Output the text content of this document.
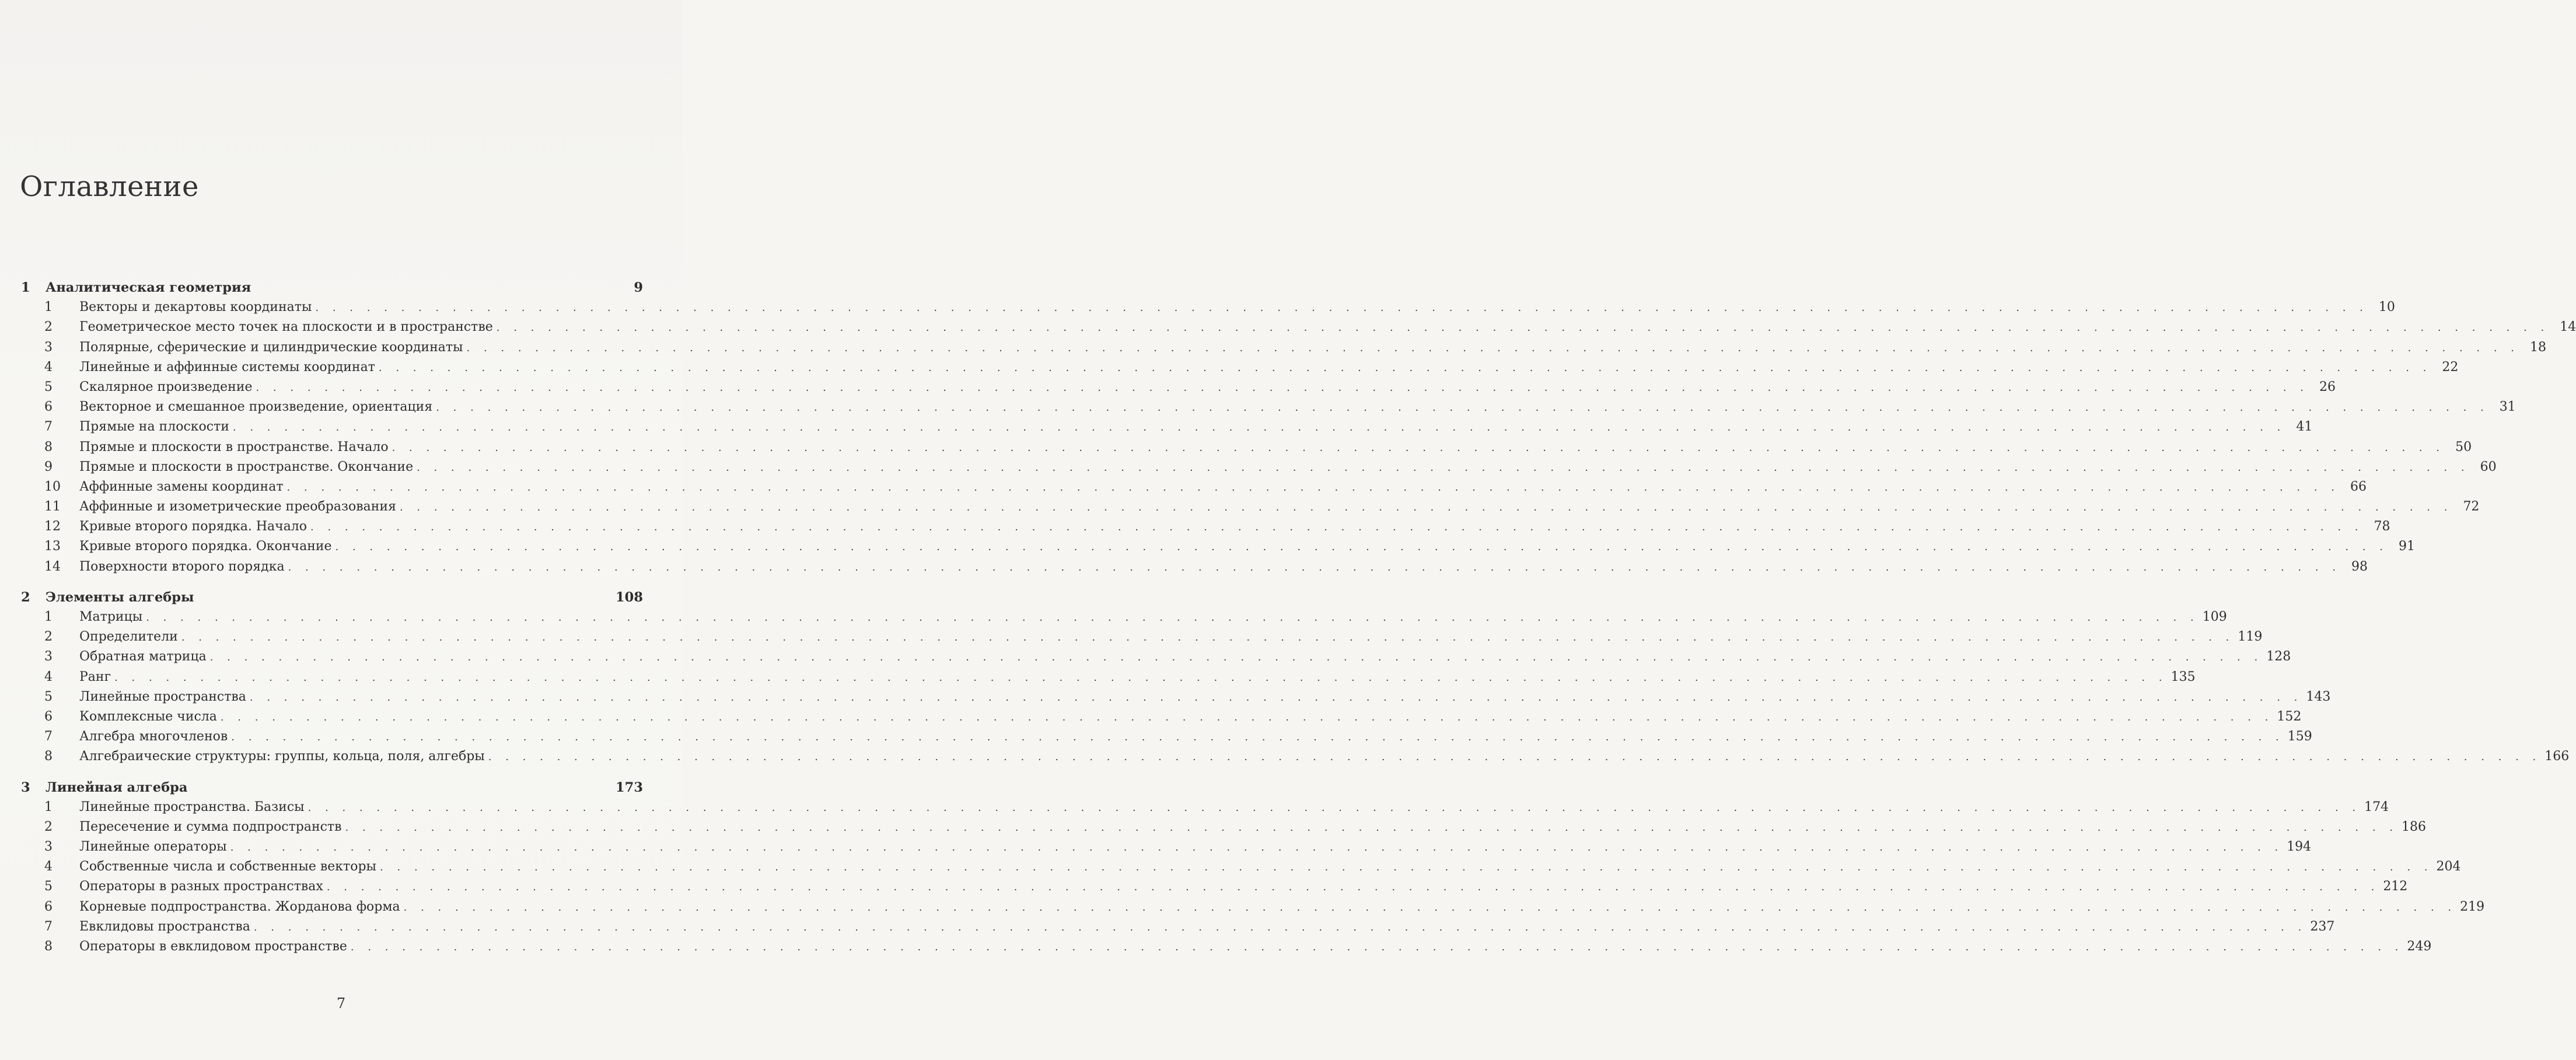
Оглавление
1	Аналитическая геометрия	9
1	Векторы и декартовы координаты . . . . . . . . . . . . . . . . . . . . . . . . . . . . . . . . . . . . . . . . . . . . . . . . . . . . . . . . . . . . . . . . . . . . . . . . . . . . . . . . . . . . . . . . . . . . . . . . . . . . . . . . . . . . . . . . . . . . . . . . 10
2	Геометрическое место точек на плоскости и в пространстве . . . . . . . . . . . . . . . . . . . . . . . . . . . . . . . . . . . . . . . . . . . . . . . . . . . . . . . . . . . . . . . . . . . . . . . . . . . . . . . . . . . . . . . . . . . . . . . . . . . . . . . . . . . . . . . . . . . . . . . . 14
3	Полярные, сферические и цилиндрические координаты . . . . . . . . . . . . . . . . . . . . . . . . . . . . . . . . . . . . . . . . . . . . . . . . . . . . . . . . . . . . . . . . . . . . . . . . . . . . . . . . . . . . . . . . . . . . . . . . . . . . . . . . . . . . . . . . . . . . . . . . 18
4	Линейные и аффинные системы координат . . . . . . . . . . . . . . . . . . . . . . . . . . . . . . . . . . . . . . . . . . . . . . . . . . . . . . . . . . . . . . . . . . . . . . . . . . . . . . . . . . . . . . . . . . . . . . . . . . . . . . . . . . . . . . . . . . . . . . . . 22
5	Скалярное произведение . . . . . . . . . . . . . . . . . . . . . . . . . . . . . . . . . . . . . . . . . . . . . . . . . . . . . . . . . . . . . . . . . . . . . . . . . . . . . . . . . . . . . . . . . . . . . . . . . . . . . . . . . . . . . . . . . . . . . . . . 26
6	Векторное и смешанное произведение, ориентация . . . . . . . . . . . . . . . . . . . . . . . . . . . . . . . . . . . . . . . . . . . . . . . . . . . . . . . . . . . . . . . . . . . . . . . . . . . . . . . . . . . . . . . . . . . . . . . . . . . . . . . . . . . . . . . . . . . . . . . . 31
7	Прямые на плоскости . . . . . . . . . . . . . . . . . . . . . . . . . . . . . . . . . . . . . . . . . . . . . . . . . . . . . . . . . . . . . . . . . . . . . . . . . . . . . . . . . . . . . . . . . . . . . . . . . . . . . . . . . . . . . . . . . . . . . . . . 41
8	Прямые и плоскости в пространстве. Начало . . . . . . . . . . . . . . . . . . . . . . . . . . . . . . . . . . . . . . . . . . . . . . . . . . . . . . . . . . . . . . . . . . . . . . . . . . . . . . . . . . . . . . . . . . . . . . . . . . . . . . . . . . . . . . . . . . . . . . . . 50
9	Прямые и плоскости в пространстве. Окончание . . . . . . . . . . . . . . . . . . . . . . . . . . . . . . . . . . . . . . . . . . . . . . . . . . . . . . . . . . . . . . . . . . . . . . . . . . . . . . . . . . . . . . . . . . . . . . . . . . . . . . . . . . . . . . . . . . . . . . . . 60
10	Аффинные замены координат . . . . . . . . . . . . . . . . . . . . . . . . . . . . . . . . . . . . . . . . . . . . . . . . . . . . . . . . . . . . . . . . . . . . . . . . . . . . . . . . . . . . . . . . . . . . . . . . . . . . . . . . . . . . . . . . . . . . . . . . 66
11	Аффинные и изометрические преобразования . . . . . . . . . . . . . . . . . . . . . . . . . . . . . . . . . . . . . . . . . . . . . . . . . . . . . . . . . . . . . . . . . . . . . . . . . . . . . . . . . . . . . . . . . . . . . . . . . . . . . . . . . . . . . . . . . . . . . . . . 72
12	Кривые второго порядка. Начало . . . . . . . . . . . . . . . . . . . . . . . . . . . . . . . . . . . . . . . . . . . . . . . . . . . . . . . . . . . . . . . . . . . . . . . . . . . . . . . . . . . . . . . . . . . . . . . . . . . . . . . . . . . . . . . . . . . . . . . . 78
13	Кривые второго порядка. Окончание . . . . . . . . . . . . . . . . . . . . . . . . . . . . . . . . . . . . . . . . . . . . . . . . . . . . . . . . . . . . . . . . . . . . . . . . . . . . . . . . . . . . . . . . . . . . . . . . . . . . . . . . . . . . . . . . . . . . . . . . 91
14	Поверхности второго порядка . . . . . . . . . . . . . . . . . . . . . . . . . . . . . . . . . . . . . . . . . . . . . . . . . . . . . . . . . . . . . . . . . . . . . . . . . . . . . . . . . . . . . . . . . . . . . . . . . . . . . . . . . . . . . . . . . . . . . . . . 98
2	Элементы алгебры	108
1	Матрицы . . . . . . . . . . . . . . . . . . . . . . . . . . . . . . . . . . . . . . . . . . . . . . . . . . . . . . . . . . . . . . . . . . . . . . . . . . . . . . . . . . . . . . . . . . . . . . . . . . . . . . . . . . . . . . . . . . . . . . . . 109
2	Определители . . . . . . . . . . . . . . . . . . . . . . . . . . . . . . . . . . . . . . . . . . . . . . . . . . . . . . . . . . . . . . . . . . . . . . . . . . . . . . . . . . . . . . . . . . . . . . . . . . . . . . . . . . . . . . . . . . . . . . . . 119
3	Обратная матрица . . . . . . . . . . . . . . . . . . . . . . . . . . . . . . . . . . . . . . . . . . . . . . . . . . . . . . . . . . . . . . . . . . . . . . . . . . . . . . . . . . . . . . . . . . . . . . . . . . . . . . . . . . . . . . . . . . . . . . . . 128
4	Ранг . . . . . . . . . . . . . . . . . . . . . . . . . . . . . . . . . . . . . . . . . . . . . . . . . . . . . . . . . . . . . . . . . . . . . . . . . . . . . . . . . . . . . . . . . . . . . . . . . . . . . . . . . . . . . . . . . . . . . . . . 135
5	Линейные пространства . . . . . . . . . . . . . . . . . . . . . . . . . . . . . . . . . . . . . . . . . . . . . . . . . . . . . . . . . . . . . . . . . . . . . . . . . . . . . . . . . . . . . . . . . . . . . . . . . . . . . . . . . . . . . . . . . . . . . . . . 143
6	Комплексные числа . . . . . . . . . . . . . . . . . . . . . . . . . . . . . . . . . . . . . . . . . . . . . . . . . . . . . . . . . . . . . . . . . . . . . . . . . . . . . . . . . . . . . . . . . . . . . . . . . . . . . . . . . . . . . . . . . . . . . . . . 152
7	Алгебра многочленов . . . . . . . . . . . . . . . . . . . . . . . . . . . . . . . . . . . . . . . . . . . . . . . . . . . . . . . . . . . . . . . . . . . . . . . . . . . . . . . . . . . . . . . . . . . . . . . . . . . . . . . . . . . . . . . . . . . . . . . . 159
8	Алгебраические структуры: группы, кольца, поля, алгебры . . . . . . . . . . . . . . . . . . . . . . . . . . . . . . . . . . . . . . . . . . . . . . . . . . . . . . . . . . . . . . . . . . . . . . . . . . . . . . . . . . . . . . . . . . . . . . . . . . . . . . . . . . . . . . . . . . . . . . . . 166
3	Линейная алгебра	173
1	Линейные пространства. Базисы . . . . . . . . . . . . . . . . . . . . . . . . . . . . . . . . . . . . . . . . . . . . . . . . . . . . . . . . . . . . . . . . . . . . . . . . . . . . . . . . . . . . . . . . . . . . . . . . . . . . . . . . . . . . . . . . . . . . . . . . 174
2	Пересечение и сумма подпространств . . . . . . . . . . . . . . . . . . . . . . . . . . . . . . . . . . . . . . . . . . . . . . . . . . . . . . . . . . . . . . . . . . . . . . . . . . . . . . . . . . . . . . . . . . . . . . . . . . . . . . . . . . . . . . . . . . . . . . . . 186
3	Линейные операторы . . . . . . . . . . . . . . . . . . . . . . . . . . . . . . . . . . . . . . . . . . . . . . . . . . . . . . . . . . . . . . . . . . . . . . . . . . . . . . . . . . . . . . . . . . . . . . . . . . . . . . . . . . . . . . . . . . . . . . . . 194
4	Собственные числа и собственные векторы . . . . . . . . . . . . . . . . . . . . . . . . . . . . . . . . . . . . . . . . . . . . . . . . . . . . . . . . . . . . . . . . . . . . . . . . . . . . . . . . . . . . . . . . . . . . . . . . . . . . . . . . . . . . . . . . . . . . . . . . 204
5	Операторы в разных пространствах . . . . . . . . . . . . . . . . . . . . . . . . . . . . . . . . . . . . . . . . . . . . . . . . . . . . . . . . . . . . . . . . . . . . . . . . . . . . . . . . . . . . . . . . . . . . . . . . . . . . . . . . . . . . . . . . . . . . . . . . 212
6	Корневые подпространства. Жорданова форма . . . . . . . . . . . . . . . . . . . . . . . . . . . . . . . . . . . . . . . . . . . . . . . . . . . . . . . . . . . . . . . . . . . . . . . . . . . . . . . . . . . . . . . . . . . . . . . . . . . . . . . . . . . . . . . . . . . . . . . . 219
7	Евклидовы пространства . . . . . . . . . . . . . . . . . . . . . . . . . . . . . . . . . . . . . . . . . . . . . . . . . . . . . . . . . . . . . . . . . . . . . . . . . . . . . . . . . . . . . . . . . . . . . . . . . . . . . . . . . . . . . . . . . . . . . . . . 237
8	Операторы в евклидовом пространстве . . . . . . . . . . . . . . . . . . . . . . . . . . . . . . . . . . . . . . . . . . . . . . . . . . . . . . . . . . . . . . . . . . . . . . . . . . . . . . . . . . . . . . . . . . . . . . . . . . . . . . . . . . . . . . . . . . . . . . . . 249
7
